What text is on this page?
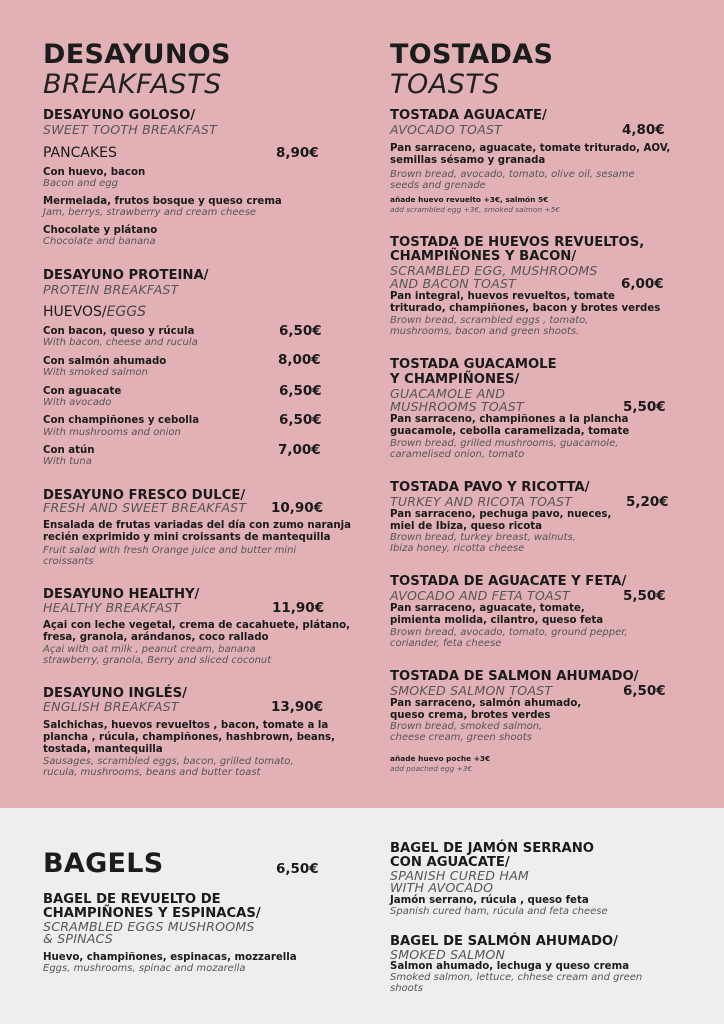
DESAYUNOS
BREAKFASTS
DESAYUNO GOLOSO/
SWEET TOOTH BREAKFAST
PANCAKES	8,90€
Con huevo, bacon
Bacon and egg
Mermelada, frutos bosque y queso crema
Jam, berrys, strawberry and cream cheese
Chocolate y plátano
Chocolate and banana
DESAYUNO PROTEINA/
PROTEIN BREAKFAST
HUEVOS/EGGS
Con bacon, queso y rúcula
With bacon, cheese and rucula
6,50€
Con salmón ahumado
With smoked salmon
8,00€
Con aguacate
With avocado
6,50€
Con champiñones y cebolla
With mushrooms and onion
6,50€
Con atún
With tuna
7,00€
DESAYUNO FRESCO DULCE/
FRESH AND SWEET BREAKFAST 10,90€
Ensalada de frutas variadas del día con zumo naranja
recién exprimido y mini croissants de mantequilla
Fruit salad with fresh Orange juice and butter mini
croissants
DESAYUNO HEALTHY/
HEALTHY BREAKFAST	11,90€
Açai con leche vegetal, crema de cacahuete, plátano,
fresa, granola, arándanos, coco rallado
Açai with oat milk , peanut cream, banana
strawberry, granola, Berry and sliced coconut
DESAYUNO INGLÉS/
ENGLISH BREAKFAST	13,90€
Salchichas, huevos revueltos , bacon, tomate a la
plancha , rúcula, champiñones, hashbrown, beans,
tostada, mantequilla
Sausages, scrambled eggs, bacon, grilled tomato,
rucula, mushrooms, beans and butter toast
TOSTADAS
TOASTS
TOSTADA AGUACATE/
AVOCADO TOAST	4,80€
Pan sarraceno, aguacate, tomate triturado, AOV,
semillas sésamo y granada
Brown bread, avocado, tomato, olive oil, sesame
seeds and grenade
añade huevo revuelto +3€, salmón 5€
add scrambled egg +3€, smoked salmon +5€
TOSTADA DE HUEVOS REVUELTOS,
CHAMPIÑONES Y BACON/
SCRAMBLED EGG, MUSHROOMS
AND BACON TOAST	6,00€
Pan integral, huevos revueltos, tomate
triturado, champiñones, bacon y brotes verdes
Brown bread, scrambled eggs , tomato,
mushrooms, bacon and green shoots.
TOSTADA GUACAMOLE
Y CHAMPIÑONES/
GUACAMOLE AND
MUSHROOMS TOAST	5,50€
Pan sarraceno, champiñones a la plancha
guacamole, cebolla caramelizada, tomate
Brown bread, grilled mushrooms, guacamole,
caramelised onion, tomato
TOSTADA PAVO Y RICOTTA/
TURKEY AND RICOTA TOAST	5,20€
Pan sarraceno, pechuga pavo, nueces,
miel de Ibiza, queso ricota
Brown bread, turkey breast, walnuts,
Ibiza honey, ricotta cheese
TOSTADA DE AGUACATE Y FETA/
AVOCADO AND FETA TOAST	5,50€
Pan sarraceno, aguacate, tomate,
pimienta molida, cilantro, queso feta
Brown bread, avocado, tomato, ground pepper,
coriander, feta cheese
TOSTADA DE SALMON AHUMADO/
SMOKED SALMON TOAST	6,50€
Pan sarraceno, salmón ahumado,
queso crema, brotes verdes
Brown bread, smoked salmon,
cheese cream, green shoots
añade huevo poche +3€
add poached egg +3€
BAGELS	6,50€
BAGEL DE REVUELTO DE
CHAMPIÑONES Y ESPINACAS/
SCRAMBLED EGGS MUSHROOMS
& SPINACS
Huevo, champiñones, espinacas, mozzarella
Eggs, mushrooms, spinac and mozarella
BAGEL DE JAMÓN SERRANO
CON AGUACATE/
SPANISH CURED HAM
WITH AVOCADO
Jamón serrano, rúcula , queso feta
Spanish cured ham, rúcula and feta cheese
BAGEL DE SALMÓN AHUMADO/
SMOKED SALMON
Salmon ahumado, lechuga y queso crema
Smoked salmon, lettuce, chhese cream and green
shoots
